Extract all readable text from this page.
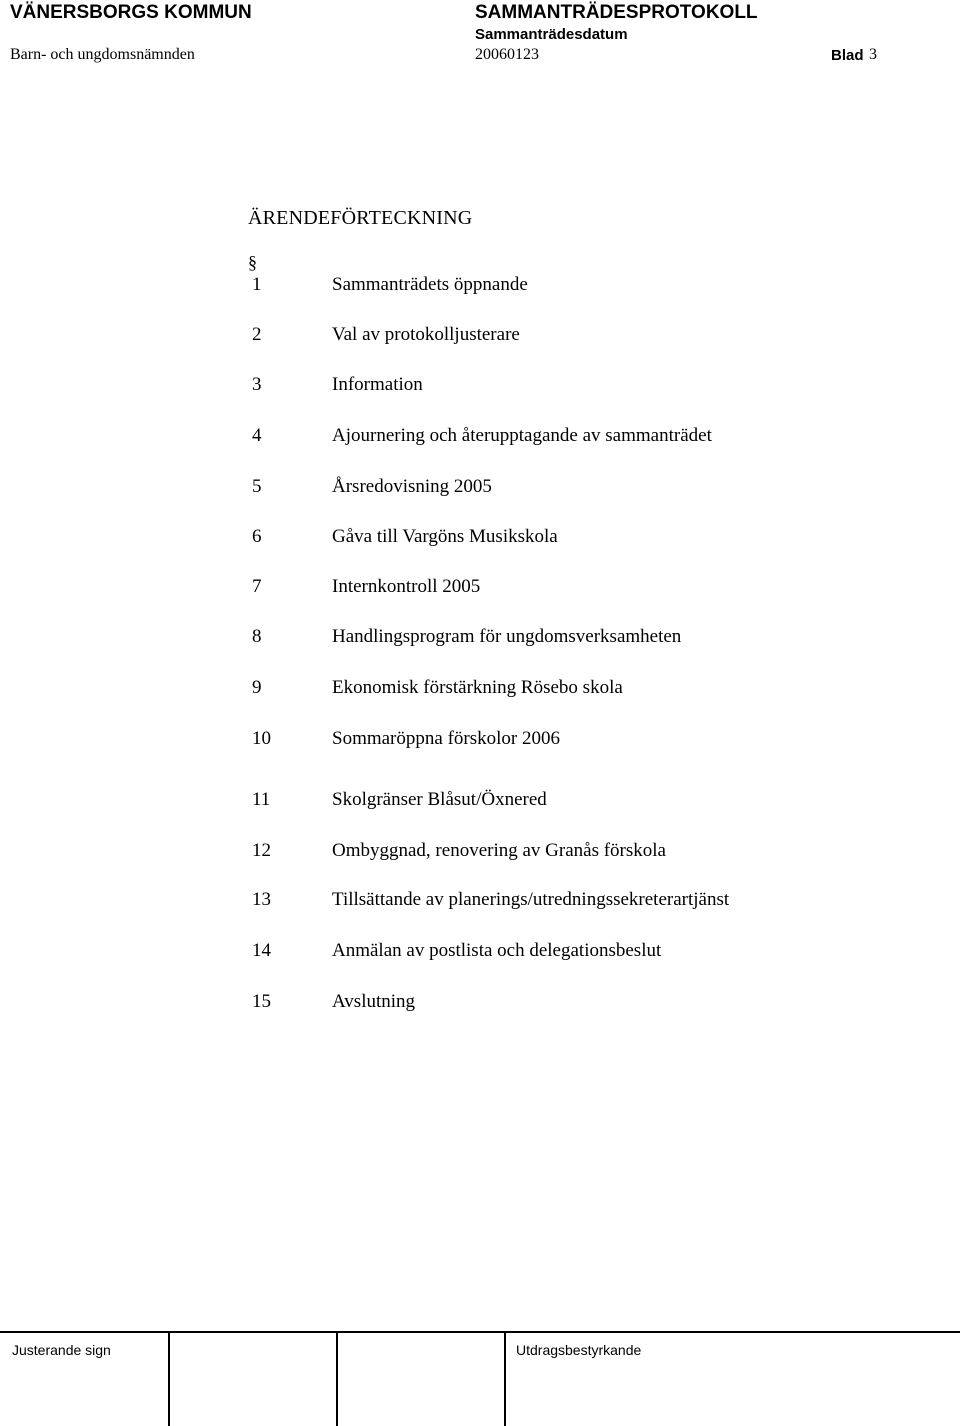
VÄNERSBORGS KOMMUN	SAMMANTRÄDESPROTOKOLL
Sammanträdesdatum
Barn- och ungdomsnämnden	20060123	Blad 3
ÄRENDEFÖRTECKNING
§
1	Sammanträdets öppnande
2	Val av protokolljusterare
3	Information
4	Ajournering och återupptagande av sammanträdet
5	Årsredovisning 2005
6	Gåva till Vargöns Musikskola
7	Internkontroll 2005
8	Handlingsprogram för ungdomsverksamheten
9	Ekonomisk förstärkning Rösebo skola
10	Sommaröppna förskolor 2006
11	Skolgränser Blåsut/Öxnered
12	Ombyggnad, renovering av Granås förskola
13	Tillsättande av planerings/utredningssekreterartjänst
14	Anmälan av postlista och delegationsbeslut
15	Avslutning
Justerande sign	Utdragsbestyrkande
